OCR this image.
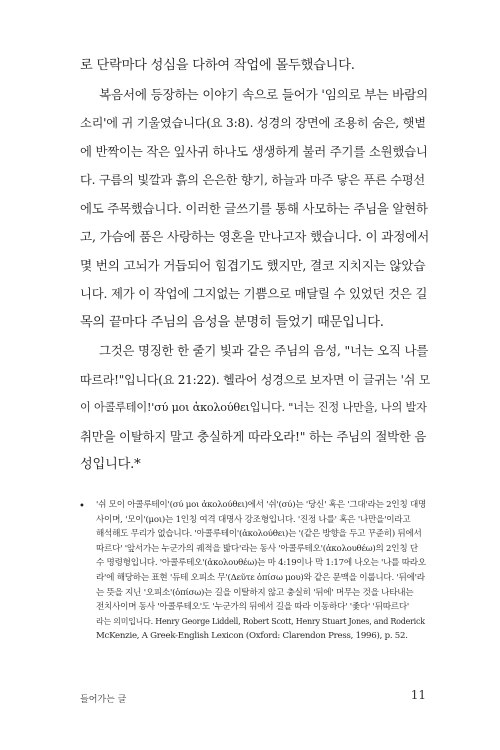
로 단락마다 성심을 다하여 작업에 몰두했습니다.
복음서에 등장하는 이야기 속으로 들어가 '임의로 부는 바람의
소리'에 귀 기울였습니다(요 3:8). 성경의 장면에 조용히 숨은, 햇볕
에 반짝이는 작은 잎사귀 하나도 생생하게 불러 주기를 소원했습니
다. 구름의 빛깔과 흙의 은은한 향기, 하늘과 마주 닿은 푸른 수평선
에도 주목했습니다. 이러한 글쓰기를 통해 사모하는 주님을 알현하
고, 가슴에 품은 사랑하는 영혼을 만나고자 했습니다. 이 과정에서
몇 번의 고뇌가 거듭되어 힘겹기도 했지만, 결코 지치지는 않았습
니다. 제가 이 작업에 그지없는 기쁨으로 매달릴 수 있었던 것은 길
목의 끝마다 주님의 음성을 분명히 들었기 때문입니다.
그것은 명징한 한 줄기 빛과 같은 주님의 음성, "너는 오직 나를
따르라!"입니다(요 21:22). 헬라어 성경으로 보자면 이 글귀는 '쉬 모
이 아콜루테이!'σύ μοι ἀκολούθει입니다. "너는 진정 나만을, 나의 발자
취만을 이탈하지 말고 충실하게 따라오라!" 하는 주님의 절박한 음
성입니다.*
• '쉬 모이 아콜루테이'(σύ μοι ἀκολούθει)에서 '쉬'(σύ)는 '당신' 혹은 '그대'라는 2인칭 대명
사이며, '모이'(μοι)는 1인칭 여격 대명사 강조형입니다. '진정 나를' 혹은 '나만을'이라고
해석해도 무리가 없습니다. '아콜루테이'(ἀκολούθει)는 '(같은 방향을 두고 꾸준히) 뒤에서
따르다' '앞서가는 누군가의 궤적을 밟다'라는 동사 '아콜루테오'(ἀκολουθέω)의 2인칭 단
수 명령형입니다. '아콜루테오'(ἀκολουθέω)는 마 4:19이나 막 1:17에 나오는 '나를 따라오
라'에 해당하는 표현 '듀테 오피소 무'(Δεῦτε ὀπίσω μου)와 같은 문맥을 이룹니다. '뒤에'라
는 뜻을 지닌 '오피소'(ὀπίσω)는 길을 이탈하지 않고 충실히 '뒤에' 머무는 것을 나타내는
전치사이며 동사 '아콜루테오'도 '누군가의 뒤에서 길을 따라 이동하다' '좇다' '뒤따르다'
라는 의미입니다. Henry George Liddell, Robert Scott, Henry Stuart Jones, and Roderick
McKenzie, A Greek-English Lexicon (Oxford: Clarendon Press, 1996), p. 52.
들어가는 글	11
